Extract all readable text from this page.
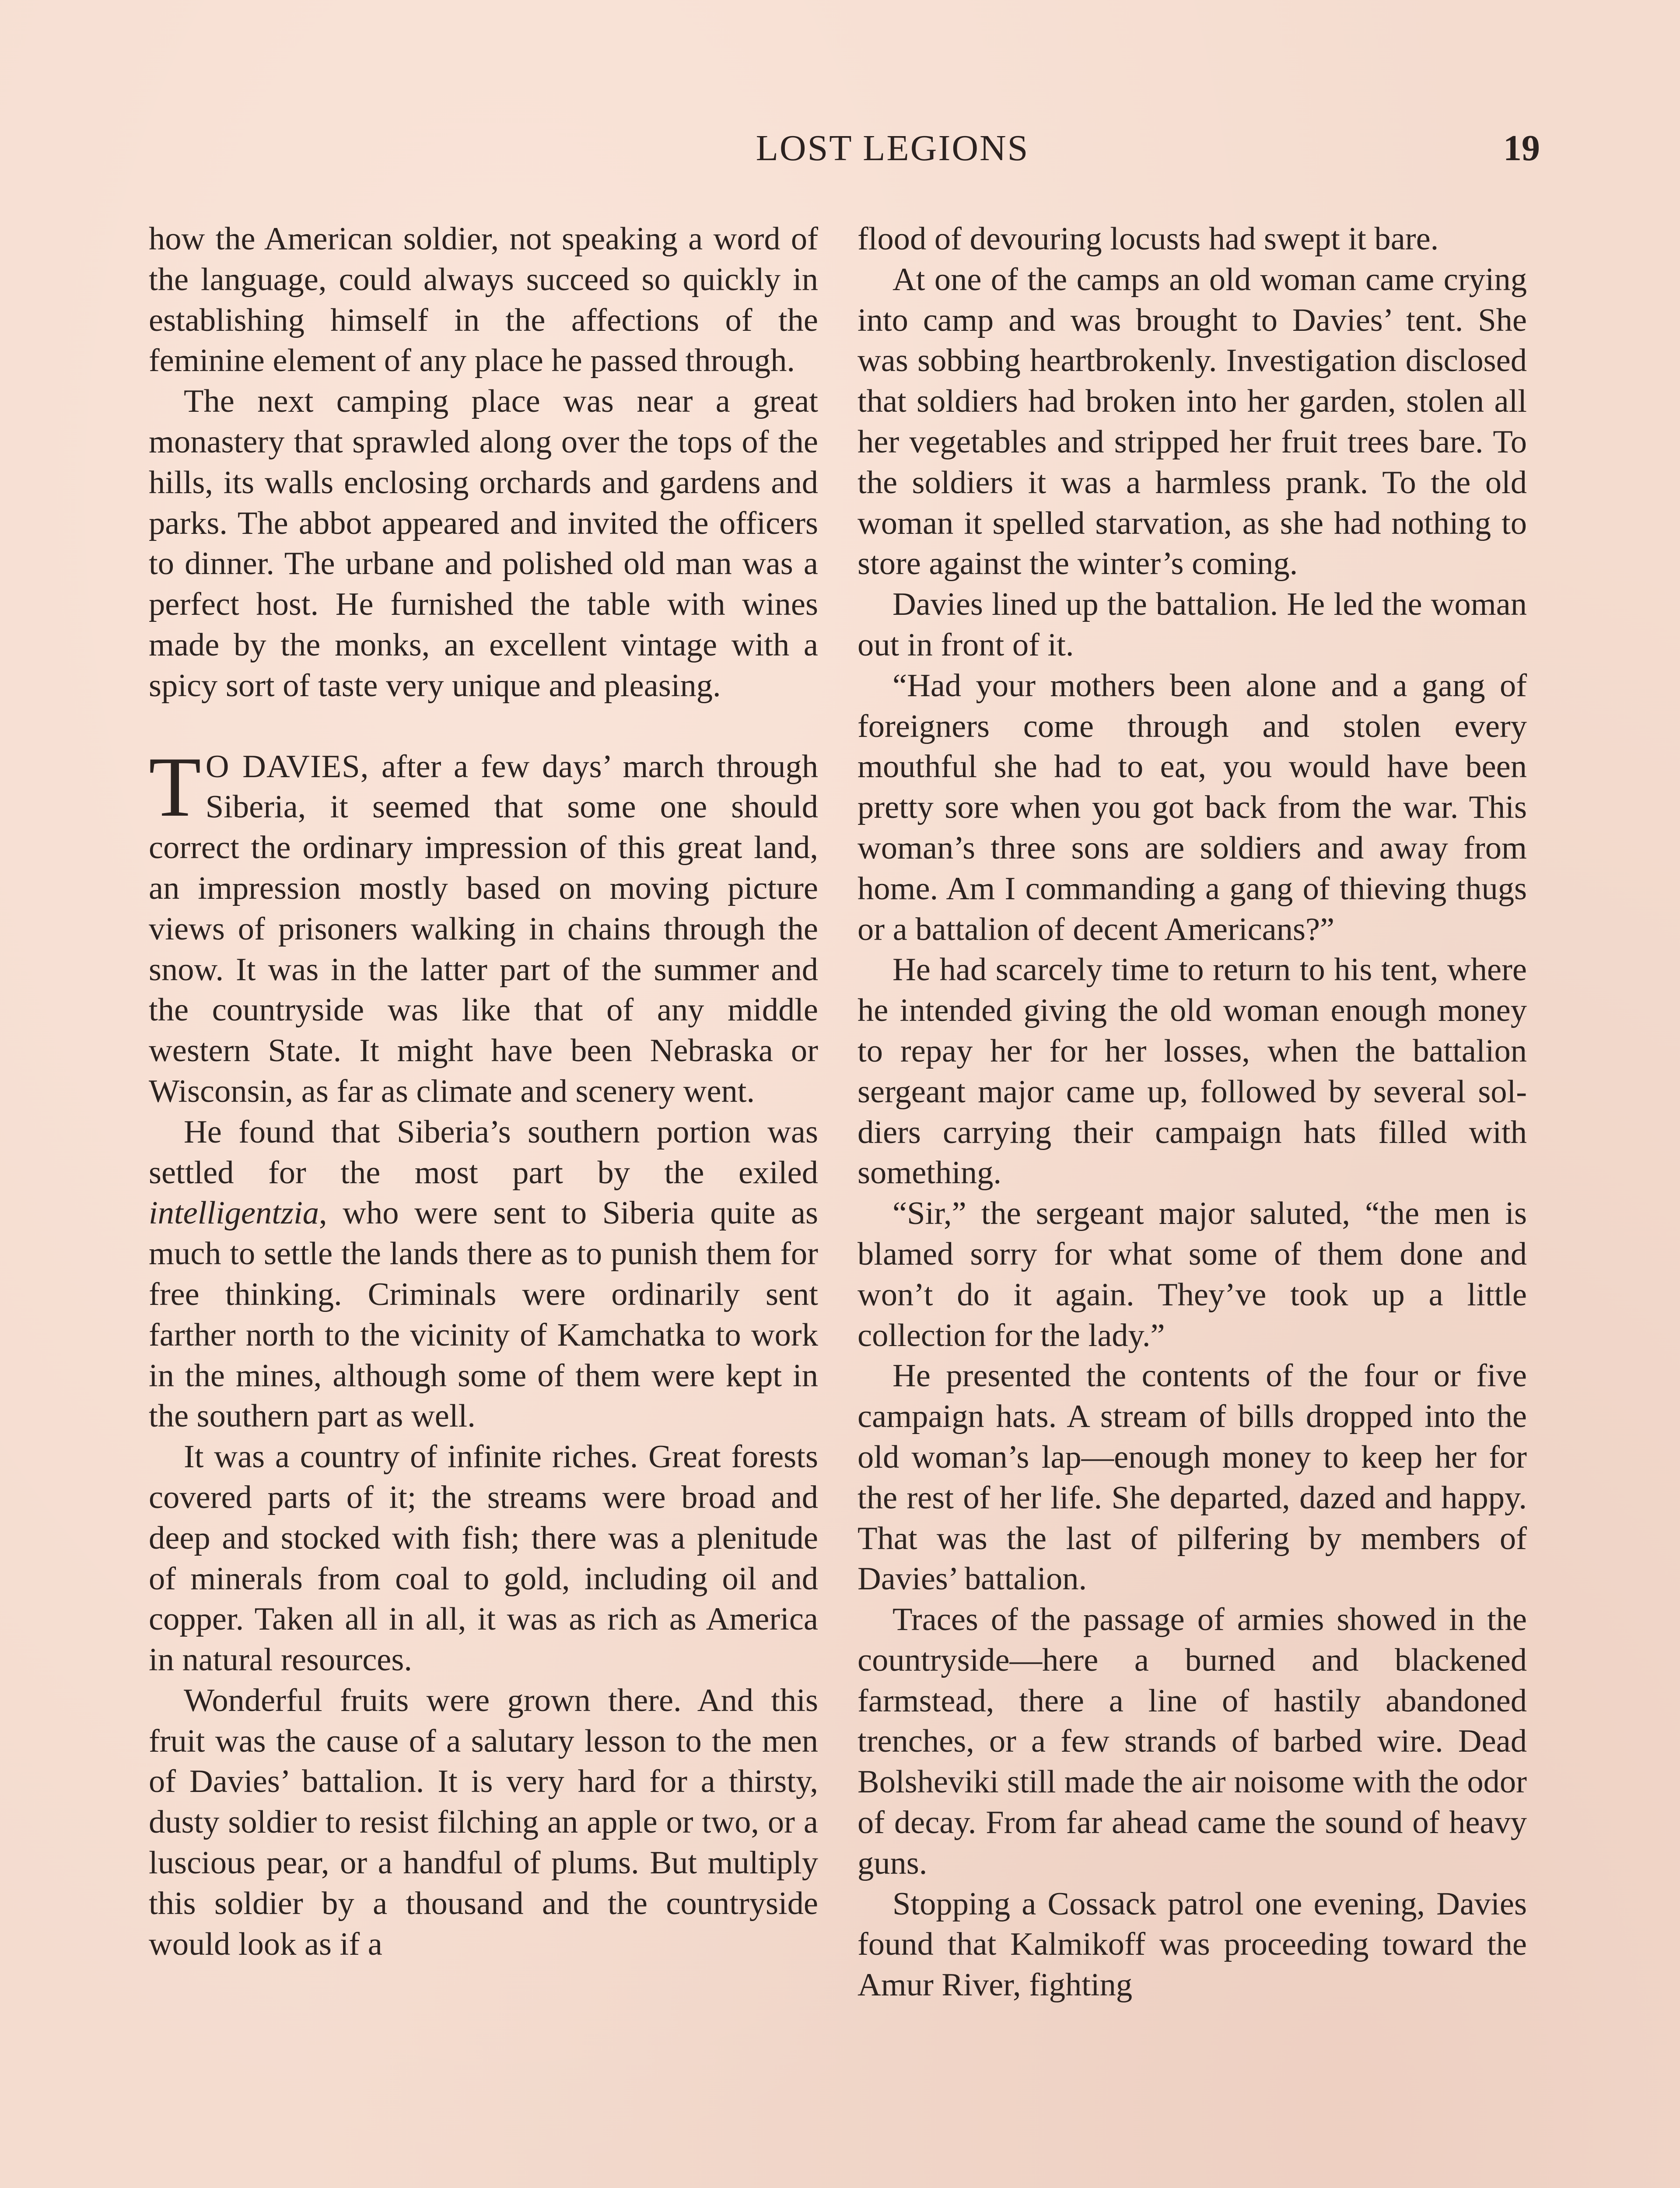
LOST LEGIONS	19

how the American soldier, not speaking a word of the language, could always succeed so quickly in establishing himself in the affections of the feminine element of any place he passed through.

The next camping place was near a great monastery that sprawled along over the tops of the hills, its walls enclosing orchards and gardens and parks. The abbot appeared and invited the officers to dinner. The urbane and polished old man was a perfect host. He furnished the table with wines made by the monks, an excellent vintage with a spicy sort of taste very unique and pleasing.

T O DAVIES, after a few days’ march through Siberia, it seemed that some one should correct the ordinary impression of this great land, an impression mostly based on moving picture views of prisoners walking in chains through the snow. It was in the latter part of the summer and the countryside was like that of any middle western State. It might have been Nebraska or Wisconsin, as far as climate and scenery went.

He found that Siberia’s southern portion was settled for the most part by the exiled intelligentzia, who were sent to Siberia quite as much to settle the lands there as to punish them for free thinking. Criminals were ordinarily sent farther north to the vicinity of Kamchatka to work in the mines, although some of them were kept in the southern part as well.

It was a country of infinite riches. Great forests covered parts of it; the streams were broad and deep and stocked with fish; there was a plenitude of minerals from coal to gold, including oil and copper. Taken all in all, it was as rich as America in natural resources.

Wonderful fruits were grown there. And this fruit was the cause of a salutary lesson to the men of Davies’ battalion. It is very hard for a thirsty, dusty soldier to resist filching an apple or two, or a luscious pear, or a handful of plums. But multiply this soldier by a thousand and the countryside would look as if a

flood of devouring locusts had swept it bare.

At one of the camps an old woman came crying into camp and was brought to Davies’ tent. She was sobbing heartbrokenly. Investigation disclosed that soldiers had broken into her garden, stolen all her vegetables and stripped her fruit trees bare. To the soldiers it was a harmless prank. To the old woman it spelled starvation, as she had nothing to store against the winter’s coming.

Davies lined up the battalion. He led the woman out in front of it.

“Had your mothers been alone and a gang of foreigners come through and stolen every mouthful she had to eat, you would have been pretty sore when you got back from the war. This woman’s three sons are soldiers and away from home. Am I commanding a gang of thieving thugs or a battalion of decent Americans?”

He had scarcely time to return to his tent, where he intended giving the old woman enough money to repay her for her losses, when the battalion sergeant major came up, followed by several soldiers carrying their campaign hats filled with something.

“Sir,” the sergeant major saluted, “the men is blamed sorry for what some of them done and won’t do it again. They’ve took up a little collection for the lady.”

He presented the contents of the four or five campaign hats. A stream of bills dropped into the old woman’s lap—enough money to keep her for the rest of her life. She departed, dazed and happy. That was the last of pilfering by members of Davies’ battalion.

Traces of the passage of armies showed in the countryside—here a burned and blackened farmstead, there a line of hastily abandoned trenches, or a few strands of barbed wire. Dead Bolsheviki still made the air noisome with the odor of decay. From far ahead came the sound of heavy guns.

Stopping a Cossack patrol one evening, Davies found that Kalmikoff was proceeding toward the Amur River, fighting
